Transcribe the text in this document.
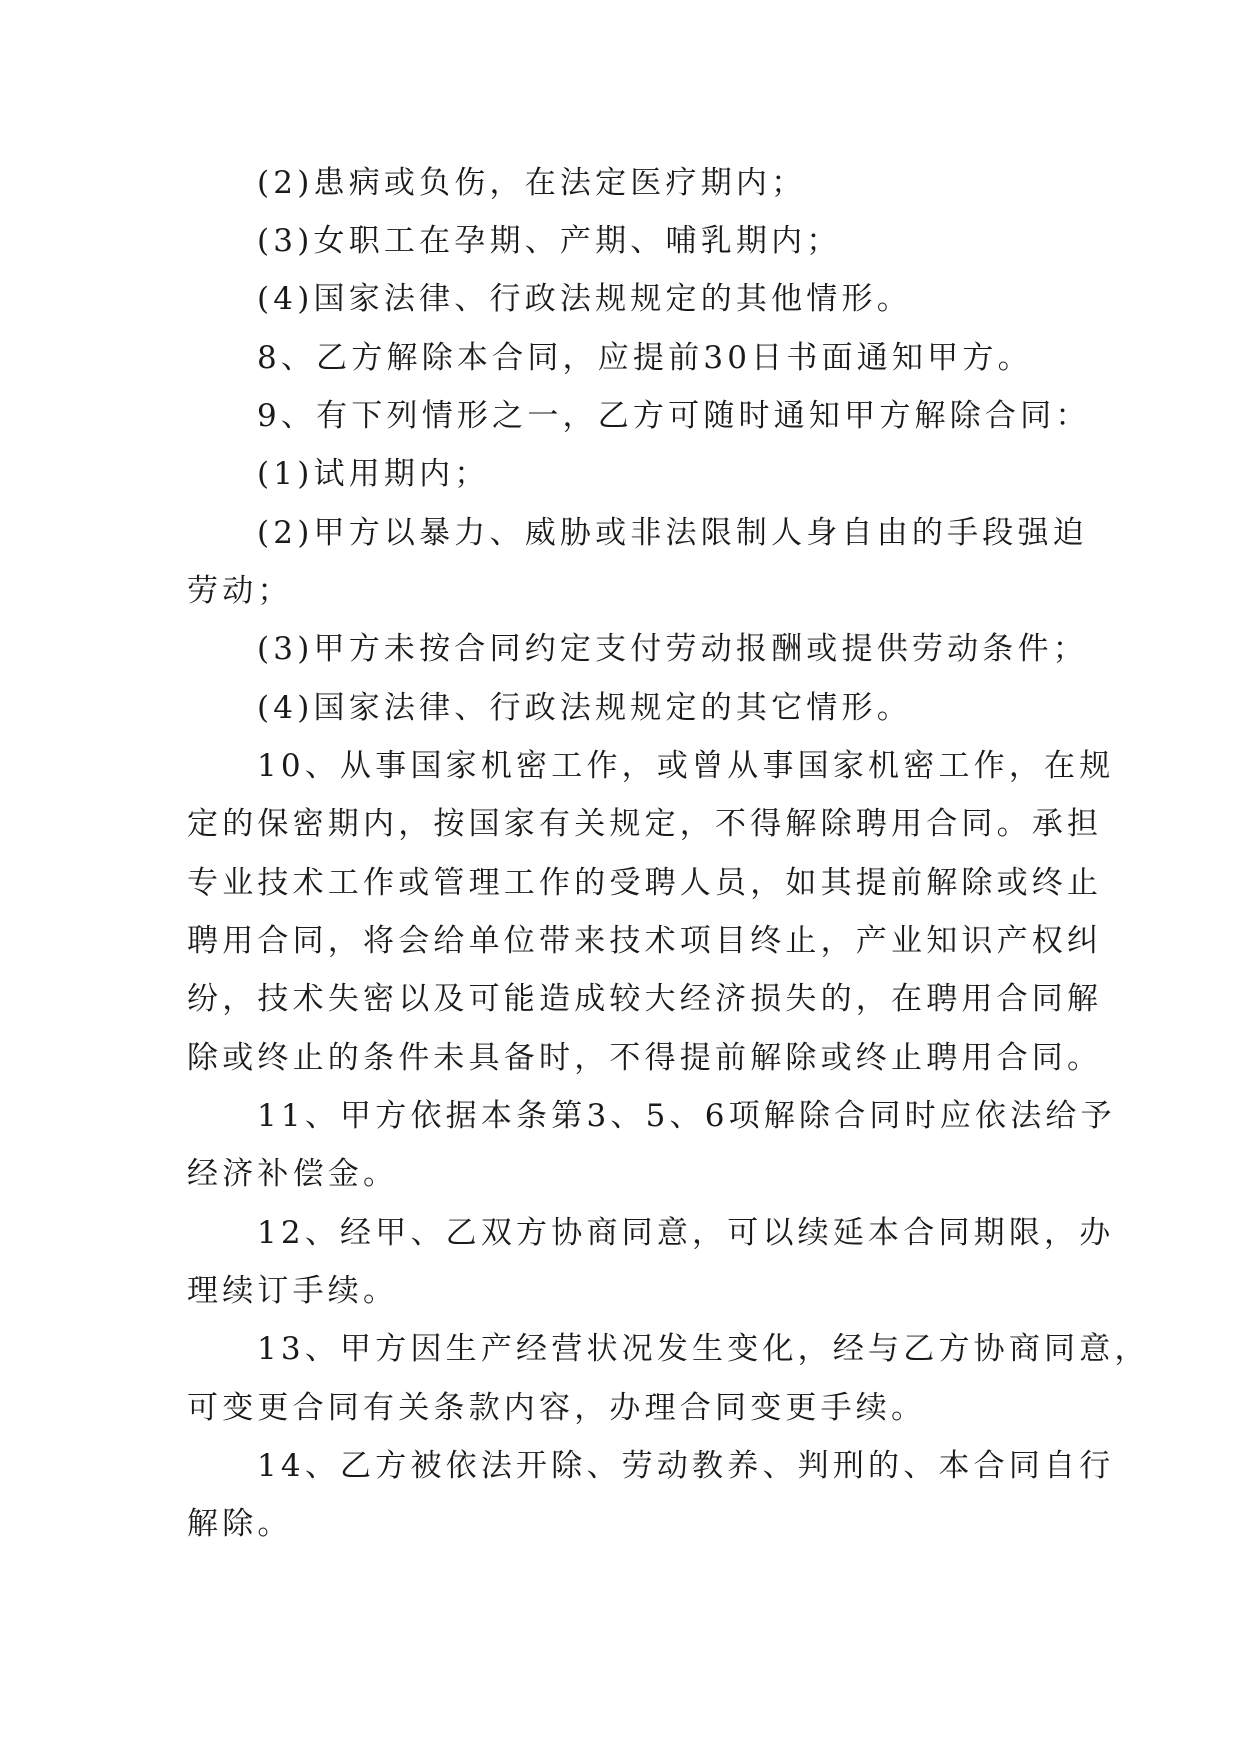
(2)患病或负伤，在法定医疗期内；
(3)女职工在孕期、产期、哺乳期内；
(4)国家法律、行政法规规定的其他情形。
8、乙方解除本合同，应提前30日书面通知甲方。
9、有下列情形之一，乙方可随时通知甲方解除合同：
(1)试用期内；
(2)甲方以暴力、威胁或非法限制人身自由的手段强迫
劳动；
(3)甲方未按合同约定支付劳动报酬或提供劳动条件；
(4)国家法律、行政法规规定的其它情形。
10、从事国家机密工作，或曾从事国家机密工作，在规
定的保密期内，按国家有关规定，不得解除聘用合同。承担
专业技术工作或管理工作的受聘人员，如其提前解除或终止
聘用合同，将会给单位带来技术项目终止，产业知识产权纠
纷，技术失密以及可能造成较大经济损失的，在聘用合同解
除或终止的条件未具备时，不得提前解除或终止聘用合同。
11、甲方依据本条第3、5、6项解除合同时应依法给予
经济补偿金。
12、经甲、乙双方协商同意，可以续延本合同期限，办
理续订手续。
13、甲方因生产经营状况发生变化，经与乙方协商同意，
可变更合同有关条款内容，办理合同变更手续。
14、乙方被依法开除、劳动教养、判刑的、本合同自行
解除。
